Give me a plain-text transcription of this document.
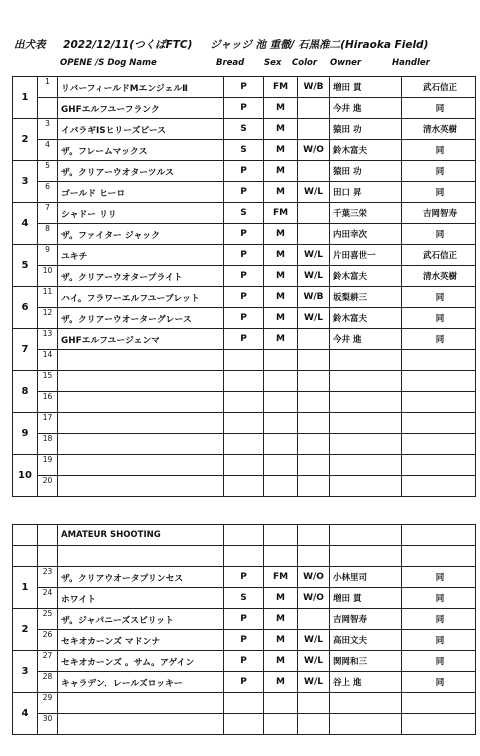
出犬表 2022/12/11(つくばFTC) ジャッジ 池 重徹/ 石黒准二(Hiraoka Field)
OPENE /S Dog Name	Bread Sex Color Owner	Handler
1	1	リバーフィールドMエンジェルⅡ	P	FM	W/B	増田 貫	武石信正
		GHFエルフユーフランク	P	M		今井 進	同
2	3	イバラギISヒリーズピース	S	M		猿田 功	清水英樹
	4	ザ。フレームマックス	S	M	W/O	鈴木富夫	同
3	5	ザ。クリアーウオターツルス	P	M		猿田 功	同
	6	ゴールド ヒーロ	P	M	W/L	田口 昇	同
4	7	シャドー リリ	S	FM		千葉三栄	吉岡智寿
	8	ザ。ファイター ジャック	P	M		内田幸次	同
5	9	ユキチ	P	M	W/L	片田喜世一	武石信正
	10	ザ。クリアーウオタープライト	P	M	W/L	鈴木富夫	清水英樹
6	11	ハイ。フラワーエルフユーブレット	P	M	W/B	坂梨耕三	同
	12	ザ。クリアーウオーターグレース	P	M	W/L	鈴木富夫	同
7	13	GHFエルフユージェンマ	P	M		今井 進	同
	14						
8	15						
	16						
9	17						
	18						
10	19						
	20						
		AMATEUR SHOOTING					

1	23	ザ。クリアウオータプリンセス	P	FM	W/O	小林里司	同
	24	ホワイト	S	M	W/O	増田 貫	同
2	25	ザ。ジャパニーズスピリット	P	M		吉岡智寿	同
	26	セキオカーンズ マドンナ	P	M	W/L	高田文夫	同
3	27	セキオカーンズ 。サム。アゲイン	P	M	W/L	関岡和三	同
	28	キャラデン．レールズロッキー	P	M	W/L	谷上 進	同
4	29						
	30						
